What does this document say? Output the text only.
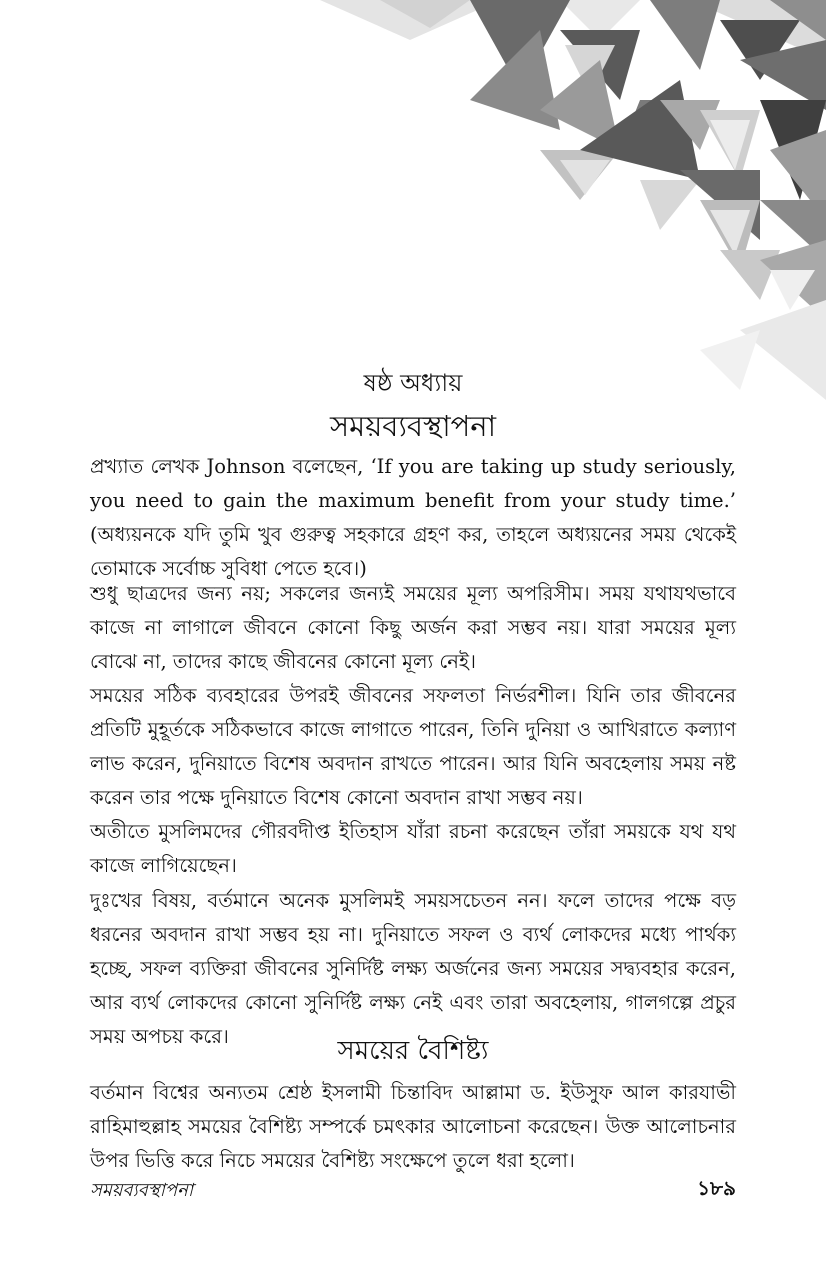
ষষ্ঠ অধ্যায়
সময়ব্যবস্থাপনা

প্রখ্যাত লেখক Johnson বলেছেন, ‘If you are taking up study seriously, you need to gain the maximum benefit from your study time.’ (অধ্যয়নকে যদি তুমি খুব গুরুত্ব সহকারে গ্রহণ কর, তাহলে অধ্যয়নের সময় থেকেই তোমাকে সর্বোচ্চ সুবিধা পেতে হবে।)

শুধু ছাত্রদের জন্য নয়; সকলের জন্যই সময়ের মূল্য অপরিসীম। সময় যথাযথভাবে কাজে না লাগালে জীবনে কোনো কিছু অর্জন করা সম্ভব নয়। যারা সময়ের মূল্য বোঝে না, তাদের কাছে জীবনের কোনো মূল্য নেই।

সময়ের সঠিক ব্যবহারের উপরই জীবনের সফলতা নির্ভরশীল। যিনি তার জীবনের প্রতিটি মুহূর্তকে সঠিকভাবে কাজে লাগাতে পারেন, তিনি দুনিয়া ও আখিরাতে কল্যাণ লাভ করেন, দুনিয়াতে বিশেষ অবদান রাখতে পারেন। আর যিনি অবহেলায় সময় নষ্ট করেন তার পক্ষে দুনিয়াতে বিশেষ কোনো অবদান রাখা সম্ভব নয়।

অতীতে মুসলিমদের গৌরবদীপ্ত ইতিহাস যাঁরা রচনা করেছেন তাঁরা সময়কে যথ যথ কাজে লাগিয়েছেন।

দুঃখের বিষয়, বর্তমানে অনেক মুসলিমই সময়সচেতন নন। ফলে তাদের পক্ষে বড় ধরনের অবদান রাখা সম্ভব হয় না। দুনিয়াতে সফল ও ব্যর্থ লোকদের মধ্যে পার্থক্য হচ্ছে, সফল ব্যক্তিরা জীবনের সুনির্দিষ্ট লক্ষ্য অর্জনের জন্য সময়ের সদ্ব্যবহার করেন, আর ব্যর্থ লোকদের কোনো সুনির্দিষ্ট লক্ষ্য নেই এবং তারা অবহেলায়, গালগল্পে প্রচুর সময় অপচয় করে।	সময়ের বৈশিষ্ট্য

বর্তমান বিশ্বের অন্যতম শ্রেষ্ঠ ইসলামী চিন্তাবিদ আল্লামা ড. ইউসুফ আল কারযাভী রাহিমাহুল্লাহ সময়ের বৈশিষ্ট্য সম্পর্কে চমৎকার আলোচনা করেছেন। উক্ত আলোচনার উপর ভিত্তি করে নিচে সময়ের বৈশিষ্ট্য সংক্ষেপে তুলে ধরা হলো।

সময়ব্যবস্থাপনা	১৮৯
